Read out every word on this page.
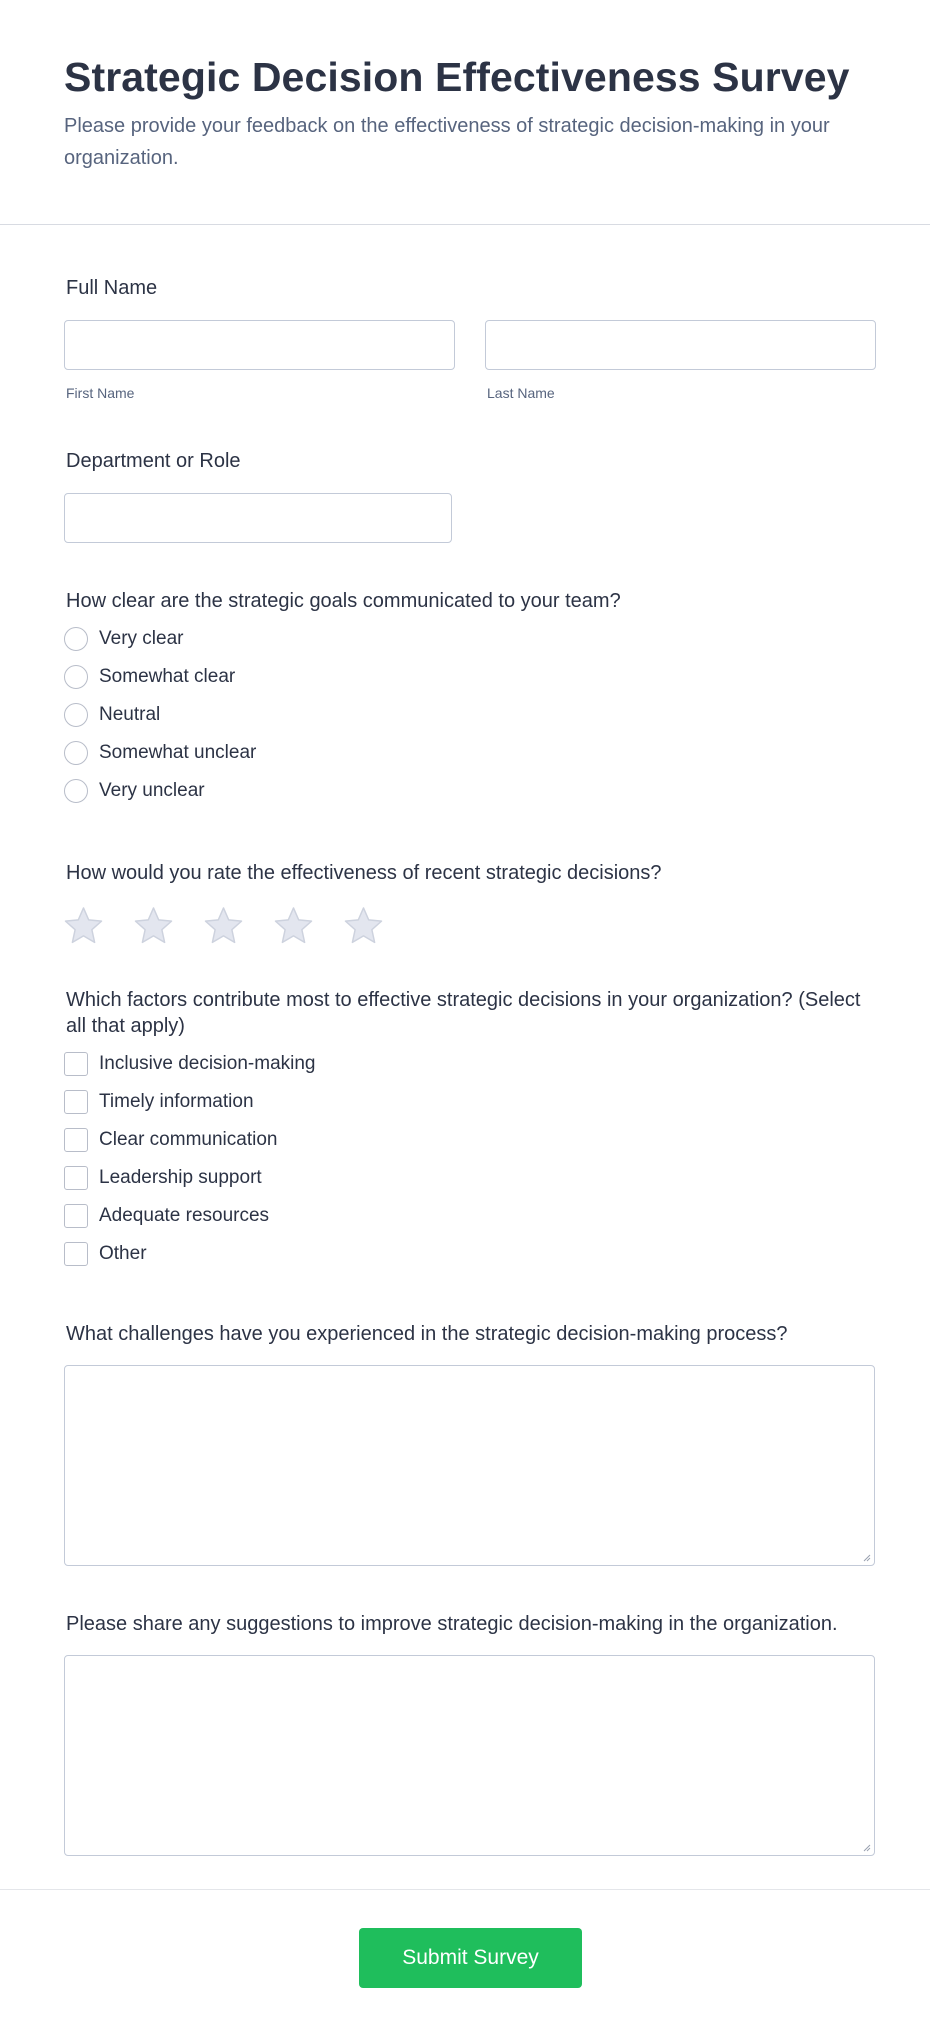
Strategic Decision Effectiveness Survey

Please provide your feedback on the effectiveness of strategic decision-making in your organization.

Full Name
First Name	Last Name
Department or Role
How clear are the strategic goals communicated to your team?
Very clear
Somewhat clear
Neutral
Somewhat unclear
Very unclear
How would you rate the effectiveness of recent strategic decisions?
Which factors contribute most to effective strategic decisions in your organization? (Select all that apply)
Inclusive decision-making
Timely information
Clear communication
Leadership support
Adequate resources
Other
What challenges have you experienced in the strategic decision-making process?
Please share any suggestions to improve strategic decision-making in the organization.
Submit Survey
